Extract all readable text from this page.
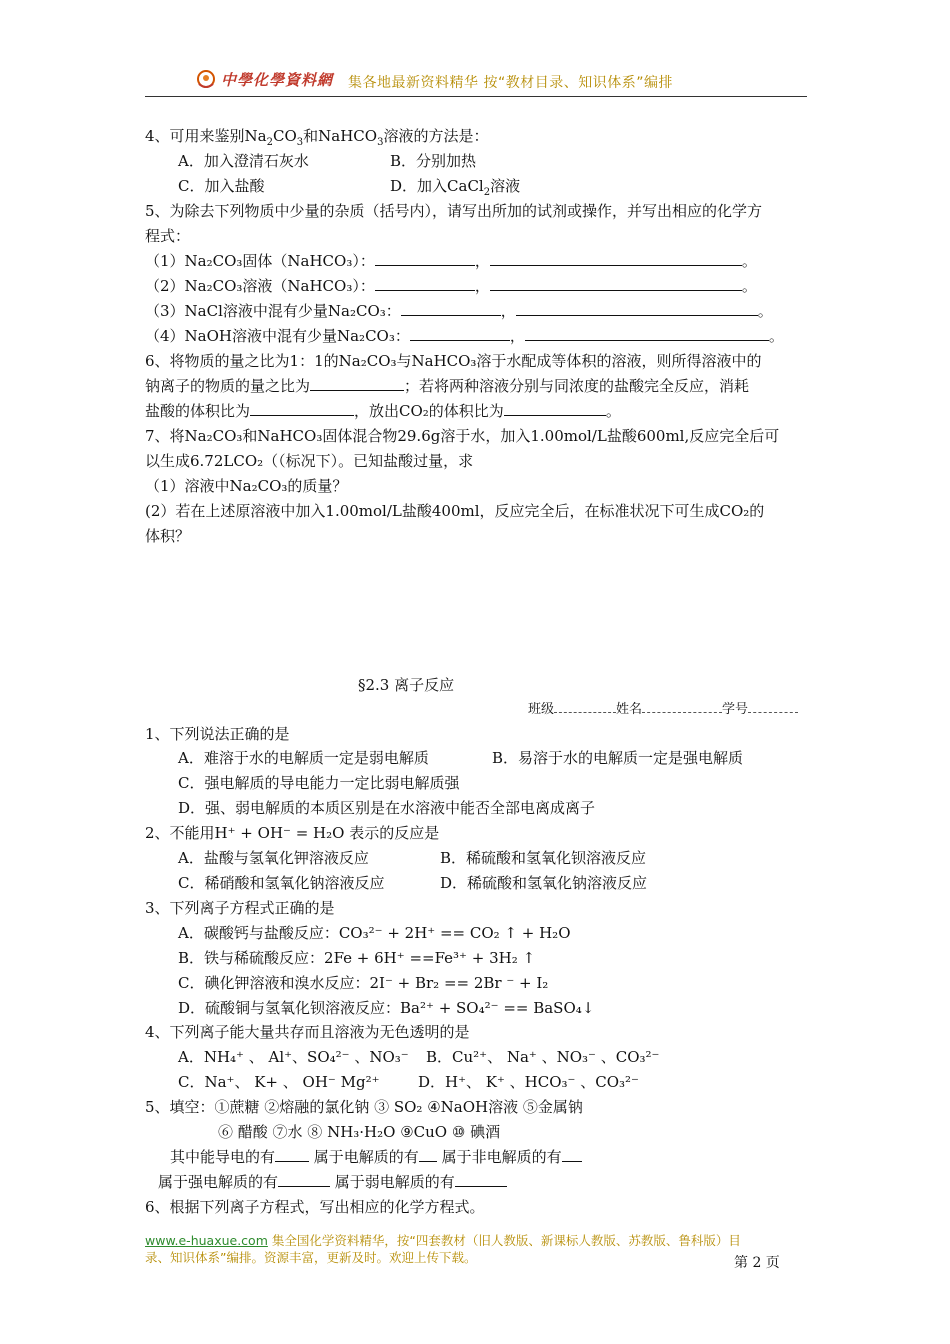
中學化學資料網 集各地最新资料精华 按“教材目录、知识体系”编排
4、可用来鉴别$Na_2CO_3$和NaHCO$_3$溶液的方法是：
A．加入澄清石灰水	B．分别加热
C．加入盐酸	D．加入CaCl$_2$溶液
5、为除去下列物质中少量的杂质（括号内），请写出所加的试剂或操作，并写出相应的化学方
程式：
（1）Na₂CO₃固体（NaHCO₃）：	，	。
（2）Na₂CO₃溶液（NaHCO₃）：	，	。
（3）NaCl溶液中混有少量Na₂CO₃：	，	。
（4）NaOH溶液中混有少量Na₂CO₃：	，	。
6、将物质的量之比为1：1的Na₂CO₃与NaHCO₃溶于水配成等体积的溶液，则所得溶液中的
钠离子的物质的量之比为	；若将两种溶液分别与同浓度的盐酸完全反应，消耗
盐酸的体积比为	，放出CO₂的体积比为	。
7、将Na₂CO₃和NaHCO₃固体混合物29.6g溶于水，加入1.00mol/L盐酸600ml,反应完全后可
以生成6.72LCO₂（（标况下）。已知盐酸过量，求
（1）溶液中Na₂CO₃的质量？
(2）若在上述原溶液中加入1.00mol/L盐酸400ml，反应完全后，在标准状况下可生成CO₂的
体积？
§2.3 离子反应
班级	姓名	学号
1、下列说法正确的是
A．难溶于水的电解质一定是弱电解质	B．易溶于水的电解质一定是强电解质
C．强电解质的导电能力一定比弱电解质强
D．强、弱电解质的本质区别是在水溶液中能否全部电离成离子
2、不能用H⁺ + OH⁻ = H₂O 表示的反应是
A．盐酸与氢氧化钾溶液反应	B．稀硫酸和氢氧化钡溶液反应
C．稀硝酸和氢氧化钠溶液反应	D．稀硫酸和氢氧化钠溶液反应
3、下列离子方程式正确的是
A．碳酸钙与盐酸反应：CO₃²⁻ + 2H⁺ == CO₂ ↑ + H₂O
B．铁与稀硫酸反应：2Fe + 6H⁺ ==Fe³⁺ + 3H₂ ↑
C．碘化钾溶液和溴水反应：2I⁻ + Br₂ == 2Br ⁻ + I₂
D．硫酸铜与氢氧化钡溶液反应：Ba²⁺ + SO₄²⁻ == BaSO₄↓
4、下列离子能大量共存而且溶液为无色透明的是
A．NH₄⁺ 、 Al⁺、SO₄²⁻ 、NO₃⁻ B．Cu²⁺、 Na⁺ 、NO₃⁻ 、CO₃²⁻
C．Na⁺、 K+ 、 OH⁻ Mg²⁺	D．H⁺、 K⁺ 、HCO₃⁻ 、CO₃²⁻
5、填空：①蔗糖 ②熔融的氯化钠 ③ SO₂ ④NaOH溶液 ⑤金属钠
⑥ 醋酸 ⑦水 ⑧ NH₃·H₂O ⑨CuO ⑩ 碘酒
其中能导电的有 属于电解质的有 属于非电解质的有
属于强电解质的有	属于弱电解质的有
6、根据下列离子方程式，写出相应的化学方程式。
www.e-huaxue.com 集全国化学资料精华，按“四套教材（旧人教版、新课标人教版、苏教版、鲁科版）目
录、知识体系”编排。资源丰富，更新及时。欢迎上传下载。	第 2 页
